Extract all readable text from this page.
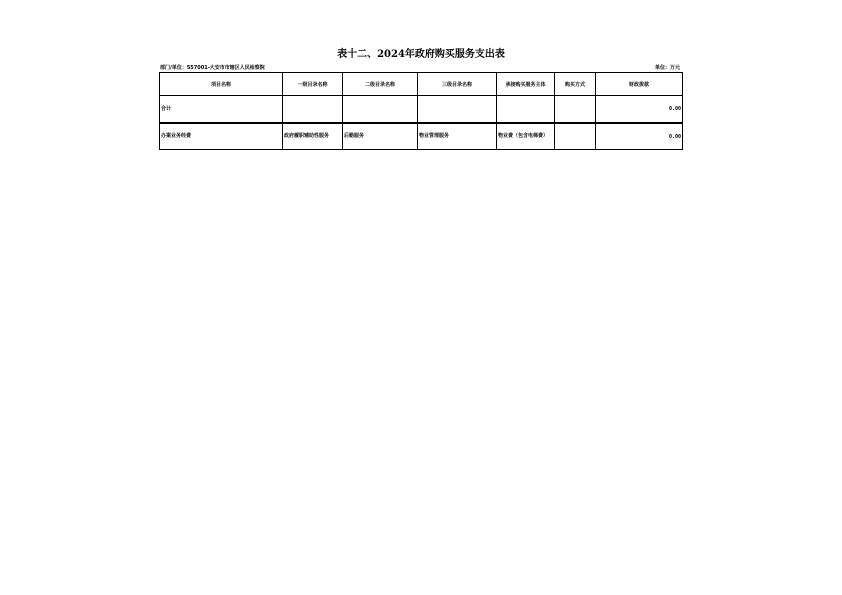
表十二、2024年政府购买服务支出表
部门/单位：557001-大安市市辖区人民检察院	单位：万元
项目名称	一级目录名称	二级目录名称	三级目录名称	承接购买服务主体	购买方式	财政拨款
合计						0.00
办案业务经费	政府履职辅助性服务	后勤服务	物业管理服务	物业费（包含电梯费）		0.00
